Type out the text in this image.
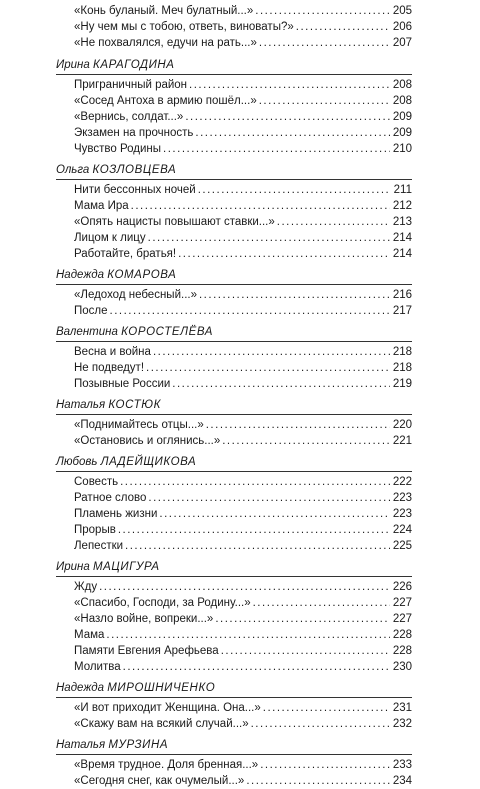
«Конь буланый. Меч булатный...» .....	205
«Ну чем мы с тобою, ответь, виноваты?» .....	206
«Не похвалялся, едучи на рать...» .....	207
Ирина КАРАГОДИНА
Приграничный район .....	208
«Сосед Антоха в армию пошёл...» .....	208
«Вернись, солдат...» .....	209
Экзамен на прочность .....	209
Чувство Родины .....	210
Ольга КОЗЛОВЦЕВА
Нити бессонных ночей .....	211
Мама Ира .....	212
«Опять нацисты повышают ставки...» .....	213
Лицом к лицу .....	214
Работайте, братья! .....	214
Надежда КОМАРОВА
«Ледоход небесный...» .....	216
После .....	217
Валентина КОРОСТЕЛЁВА
Весна и война .....	218
Не подведут! .....	218
Позывные России .....	219
Наталья КОСТЮК
«Поднимайтесь отцы...» .....	220
«Остановись и оглянись...» .....	221
Любовь ЛАДЕЙЩИКОВА
Совесть .....	222
Ратное слово .....	223
Пламень жизни .....	223
Прорыв .....	224
Лепестки .....	225
Ирина МАЦИГУРА
Жду .....	226
«Спасибо, Господи, за Родину...» .....	227
«Назло войне, вопреки...» .....	227
Мама .....	228
Памяти Евгения Арефьева .....	228
Молитва .....	230
Надежда МИРОШНИЧЕНКО
«И вот приходит Женщина. Она...» .....	231
«Скажу вам на всякий случай...» .....	232
Наталья МУРЗИНА
«Время трудное. Доля бренная...» .....	233
«Сегодня снег, как очумелый...» .....	234
